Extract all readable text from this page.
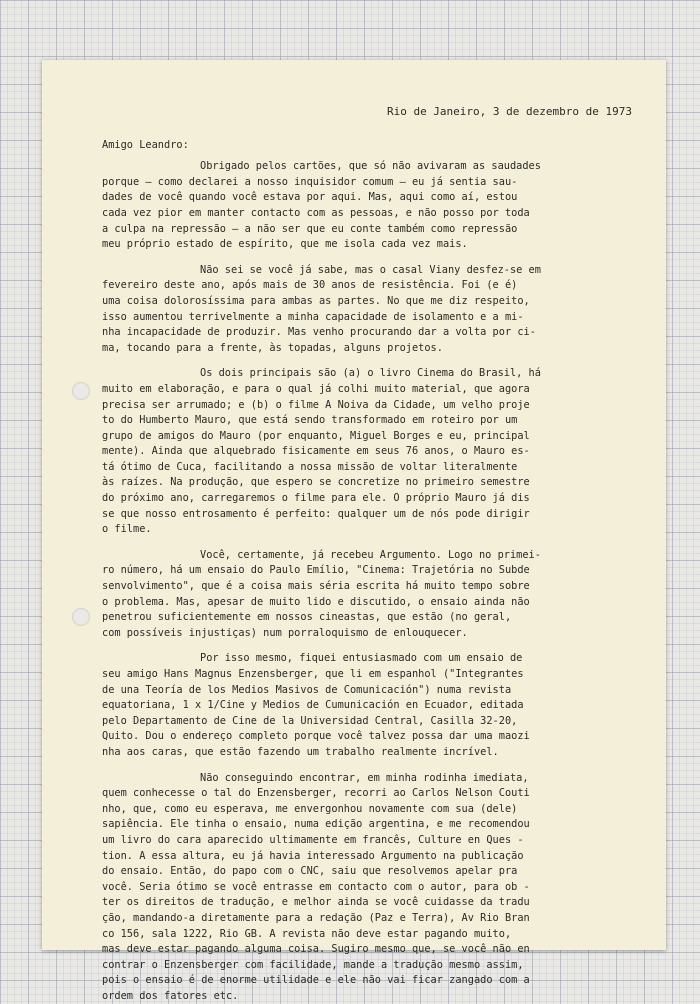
Rio de Janeiro, 3 de dezembro de 1973
Amigo Leandro:
Obrigado pelos cartões, que só não avivaram as saudades
porque — como declarei a nosso inquisidor comum — eu já sentia sau-
dades de você quando você estava por aqui. Mas, aqui como aí, estou
cada vez pior em manter contacto com as pessoas, e não posso por toda
a culpa na repressão — a não ser que eu conte também como repressão
meu próprio estado de espírito, que me isola cada vez mais.
Não sei se você já sabe, mas o casal Viany desfez-se em
fevereiro deste ano, após mais de 30 anos de resistência. Foi (e é)
uma coisa dolorosíssima para ambas as partes. No que me diz respeito,
isso aumentou terrivelmente a minha capacidade de isolamento e a mi-
nha incapacidade de produzir. Mas venho procurando dar a volta por ci-
ma, tocando para a frente, às topadas, alguns projetos.
Os dois principais são (a) o livro Cinema do Brasil, há
muito em elaboração, e para o qual já colhi muito material, que agora
precisa ser arrumado; e (b) o filme A Noiva da Cidade, um velho proje
to do Humberto Mauro, que está sendo transformado em roteiro por um
grupo de amigos do Mauro (por enquanto, Miguel Borges e eu, principal
mente). Ainda que alquebrado fisicamente em seus 76 anos, o Mauro es-
tá ótimo de Cuca, facilitando a nossa missão de voltar literalmente
às raízes. Na produção, que espero se concretize no primeiro semestre
do próximo ano, carregaremos o filme para ele. O próprio Mauro já dis
se que nosso entrosamento é perfeito: qualquer um de nós pode dirigir
o filme.
Você, certamente, já recebeu Argumento. Logo no primei-
ro número, há um ensaio do Paulo Emílio, "Cinema: Trajetória no Subde
senvolvimento", que é a coisa mais séria escrita há muito tempo sobre
o problema. Mas, apesar de muito lido e discutido, o ensaio ainda não
penetrou suficientemente em nossos cineastas, que estão (no geral,
com possíveis injustiças) num porraloquismo de enlouquecer.
Por isso mesmo, fiquei entusiasmado com um ensaio de
seu amigo Hans Magnus Enzensberger, que li em espanhol ("Integrantes
de una Teoría de los Medios Masivos de Comunicación") numa revista
equatoriana, 1 x 1/Cine y Medios de Cumunicación en Ecuador, editada
pelo Departamento de Cine de la Universidad Central, Casilla 32-20,
Quito. Dou o endereço completo porque você talvez possa dar uma maozi
nha aos caras, que estão fazendo um trabalho realmente incrível.
Não conseguindo encontrar, em minha rodinha imediata,
quem conhecesse o tal do Enzensberger, recorri ao Carlos Nelson Couti
nho, que, como eu esperava, me envergonhou novamente com sua (dele)
sapiência. Ele tinha o ensaio, numa edição argentina, e me recomendou
um livro do cara aparecido ultimamente em francês, Culture en Ques -
tion. A essa altura, eu já havia interessado Argumento na publicação
do ensaio. Então, do papo com o CNC, saiu que resolvemos apelar pra
você. Seria ótimo se você entrasse em contacto com o autor, para ob -
ter os direitos de tradução, e melhor ainda se você cuidasse da tradu
ção, mandando-a diretamente para a redação (Paz e Terra), Av Rio Bran
co 156, sala 1222, Rio GB. A revista não deve estar pagando muito,
mas deve estar pagando alguma coisa. Sugiro mesmo que, se você não en
contrar o Enzensberger com facilidade, mande a tradução mesmo assim,
pois o ensaio é de enorme utilidade e ele não vai ficar zangado com a
ordem dos fatores etc.
